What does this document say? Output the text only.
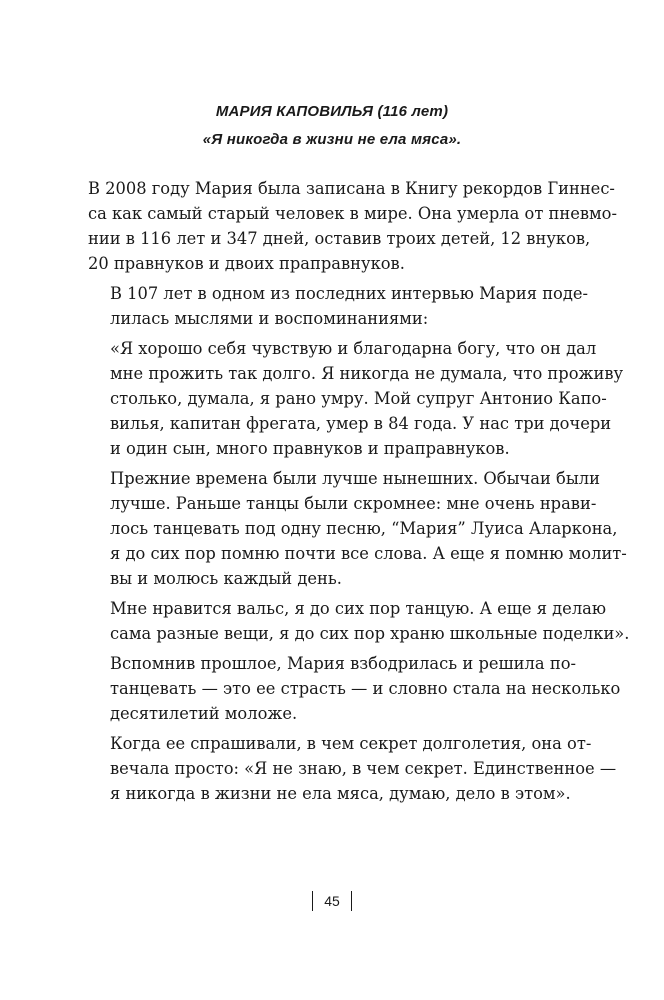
МАРИЯ КАПОВИЛЬЯ (116 лет)
«Я никогда в жизни не ела мяса».
В 2008 году Мария была записана в Книгу рекордов Гиннес-
са как самый старый человек в мире. Она умерла от пневмо-
нии в 116 лет и 347 дней, оставив троих детей, 12 внуков,
20 правнуков и двоих праправнуков.
В 107 лет в одном из последних интервью Мария поде-
лилась мыслями и воспоминаниями:
«Я хорошо себя чувствую и благодарна богу, что он дал
мне прожить так долго. Я никогда не думала, что проживу
столько, думала, я рано умру. Мой супруг Антонио Капо-
вилья, капитан фрегата, умер в 84 года. У нас три дочери
и один сын, много правнуков и праправнуков.
Прежние времена были лучше нынешних. Обычаи были
лучше. Раньше танцы были скромнее: мне очень нрави-
лось танцевать под одну песню, “Мария” Луиса Аларкона,
я до сих пор помню почти все слова. А еще я помню молит-
вы и молюсь каждый день.
Мне нравится вальс, я до сих пор танцую. А еще я делаю
сама разные вещи, я до сих пор храню школьные поделки».
Вспомнив прошлое, Мария взбодрилась и решила по-
танцевать — это ее страсть — и словно стала на несколько
десятилетий моложе.
Когда ее спрашивали, в чем секрет долголетия, она от-
вечала просто: «Я не знаю, в чем секрет. Единственное —
я никогда в жизни не ела мяса, думаю, дело в этом».
45
